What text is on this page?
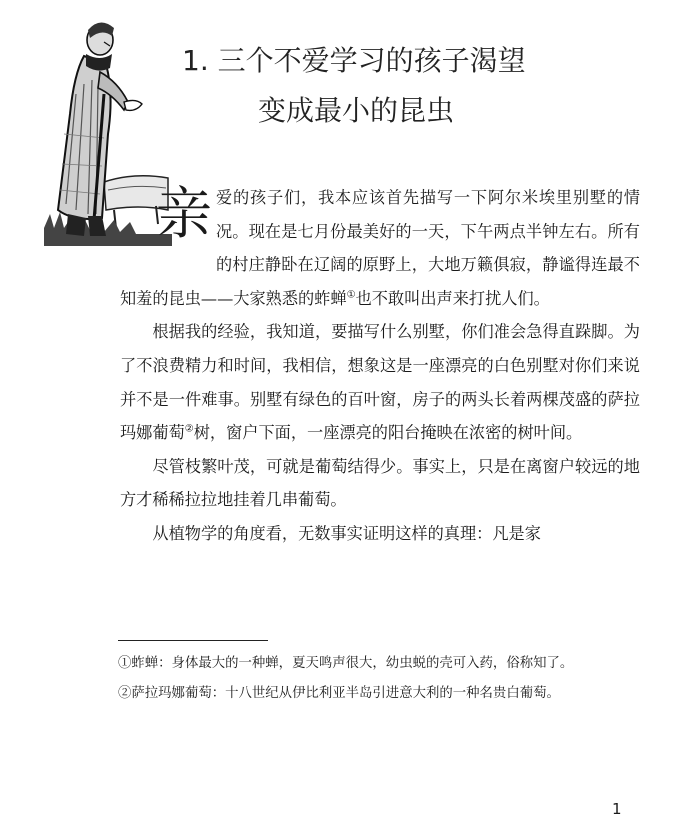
1. 三个不爱学习的孩子渴望
变成最小的昆虫

亲爱的孩子们，我本应该首先描写一下阿尔米埃里别墅的情况。现在是七月份最美好的一天，下午两点半钟左右。所有的村庄静卧在辽阔的原野上，大地万籁俱寂，静谧得连最不知羞的昆虫——大家熟悉的蚱蝉①也不敢叫出声来打扰人们。

根据我的经验，我知道，要描写什么别墅，你们准会急得直跺脚。为了不浪费精力和时间，我相信，想象这是一座漂亮的白色别墅对你们来说并不是一件难事。别墅有绿色的百叶窗，房子的两头长着两棵茂盛的萨拉玛娜葡萄②树，窗户下面，一座漂亮的阳台掩映在浓密的树叶间。

尽管枝繁叶茂，可就是葡萄结得少。事实上，只是在离窗户较远的地方才稀稀拉拉地挂着几串葡萄。

从植物学的角度看，无数事实证明这样的真理：凡是家

①蚱蝉：身体最大的一种蝉，夏天鸣声很大，幼虫蜕的壳可入药，俗称知了。

②萨拉玛娜葡萄：十八世纪从伊比利亚半岛引进意大利的一种名贵白葡萄。

1
